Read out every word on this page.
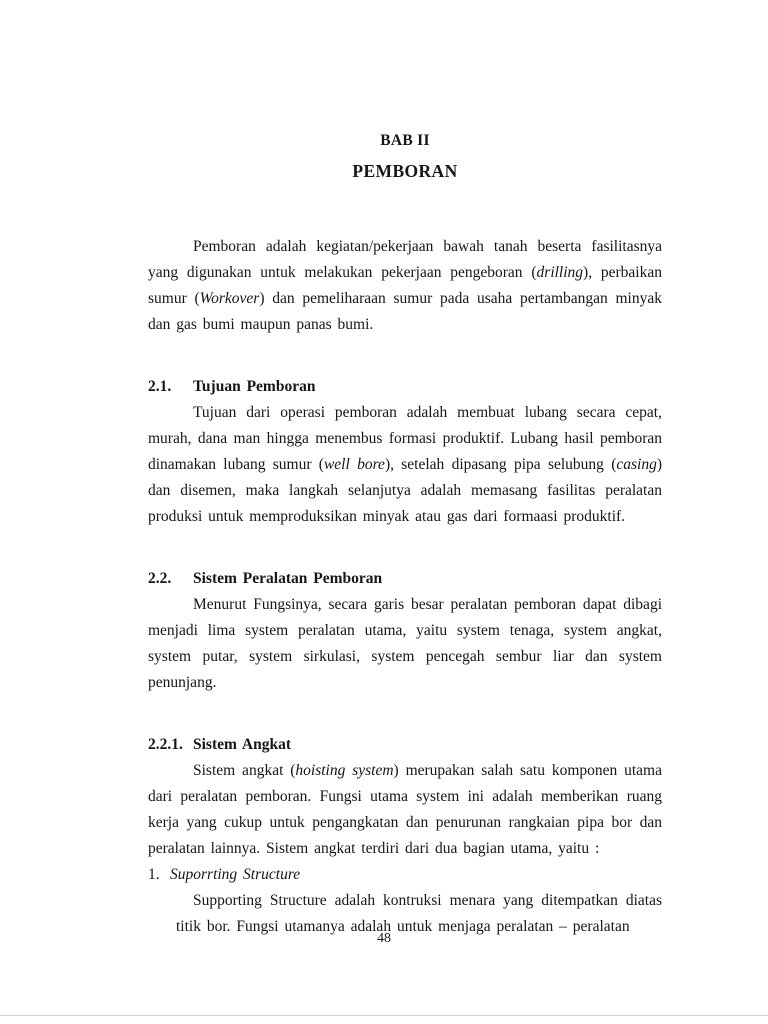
BAB II
PEMBORAN

Pemboran adalah kegiatan/pekerjaan bawah tanah beserta fasilitasnya yang digunakan untuk melakukan pekerjaan pengeboran (drilling), perbaikan sumur (Workover) dan pemeliharaan sumur pada usaha pertambangan minyak dan gas bumi maupun panas bumi.

2.1.	Tujuan Pemboran

Tujuan dari operasi pemboran adalah membuat lubang secara cepat, murah, dana man hingga menembus formasi produktif. Lubang hasil pemboran dinamakan lubang sumur (well bore), setelah dipasang pipa selubung (casing) dan disemen, maka langkah selanjutya adalah memasang fasilitas peralatan produksi untuk memproduksikan minyak atau gas dari formaasi produktif.

2.2.	Sistem Peralatan Pemboran

Menurut Fungsinya, secara garis besar peralatan pemboran dapat dibagi menjadi lima system peralatan utama, yaitu system tenaga, system angkat, system putar, system sirkulasi, system pencegah sembur liar dan system penunjang.

2.2.1. Sistem Angkat

Sistem angkat (hoisting system) merupakan salah satu komponen utama dari peralatan pemboran. Fungsi utama system ini adalah memberikan ruang kerja yang cukup untuk pengangkatan dan penurunan rangkaian pipa bor dan peralatan lainnya. Sistem angkat terdiri dari dua bagian utama, yaitu :

1. Suporrting Structure

Supporting Structure adalah kontruksi menara yang ditempatkan diatas titik bor. Fungsi utamanya adalah untuk menjaga peralatan – peralatan

48
